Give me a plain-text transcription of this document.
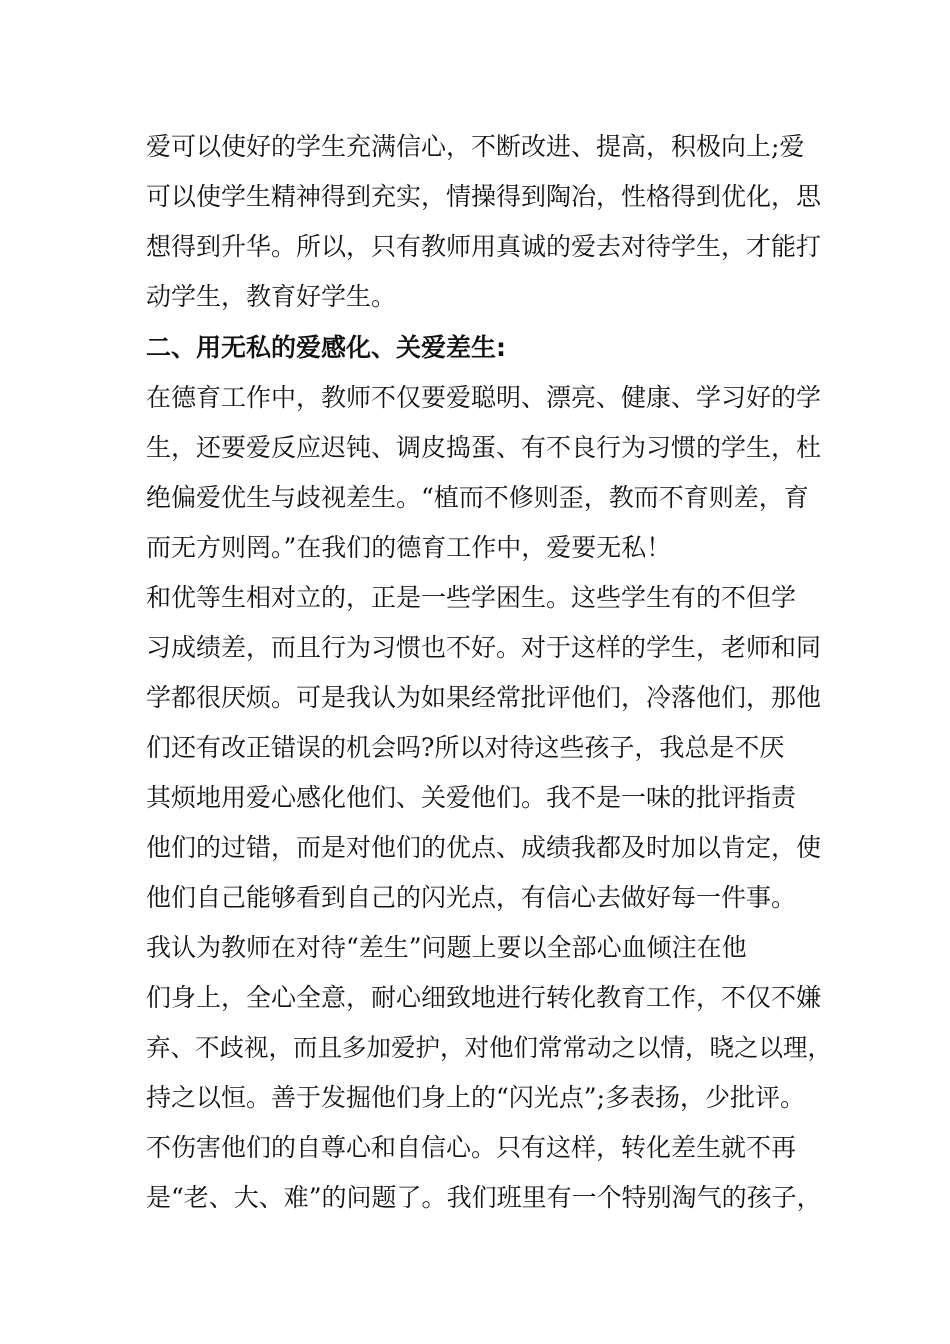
爱可以使好的学生充满信心，不断改进、提高，积极向上;爱
可以使学生精神得到充实，情操得到陶冶，性格得到优化，思
想得到升华。所以，只有教师用真诚的爱去对待学生，才能打
动学生，教育好学生。
二、用无私的爱感化、关爱差生:
在德育工作中，教师不仅要爱聪明、漂亮、健康、学习好的学
生，还要爱反应迟钝、调皮捣蛋、有不良行为习惯的学生，杜
绝偏爱优生与歧视差生。“植而不修则歪，教而不育则差，育
而无方则罔。”在我们的德育工作中，爱要无私！
和优等生相对立的，正是一些学困生。这些学生有的不但学
习成绩差，而且行为习惯也不好。对于这样的学生，老师和同
学都很厌烦。可是我认为如果经常批评他们，冷落他们，那他
们还有改正错误的机会吗?所以对待这些孩子，我总是不厌
其烦地用爱心感化他们、关爱他们。我不是一味的批评指责
他们的过错，而是对他们的优点、成绩我都及时加以肯定，使
他们自己能够看到自己的闪光点，有信心去做好每一件事。
我认为教师在对待“差生”问题上要以全部心血倾注在他
们身上，全心全意，耐心细致地进行转化教育工作，不仅不嫌
弃、不歧视，而且多加爱护，对他们常常动之以情，晓之以理，
持之以恒。善于发掘他们身上的“闪光点”;多表扬，少批评。
不伤害他们的自尊心和自信心。只有这样，转化差生就不再
是“老、大、难”的问题了。我们班里有一个特别淘气的孩子，
